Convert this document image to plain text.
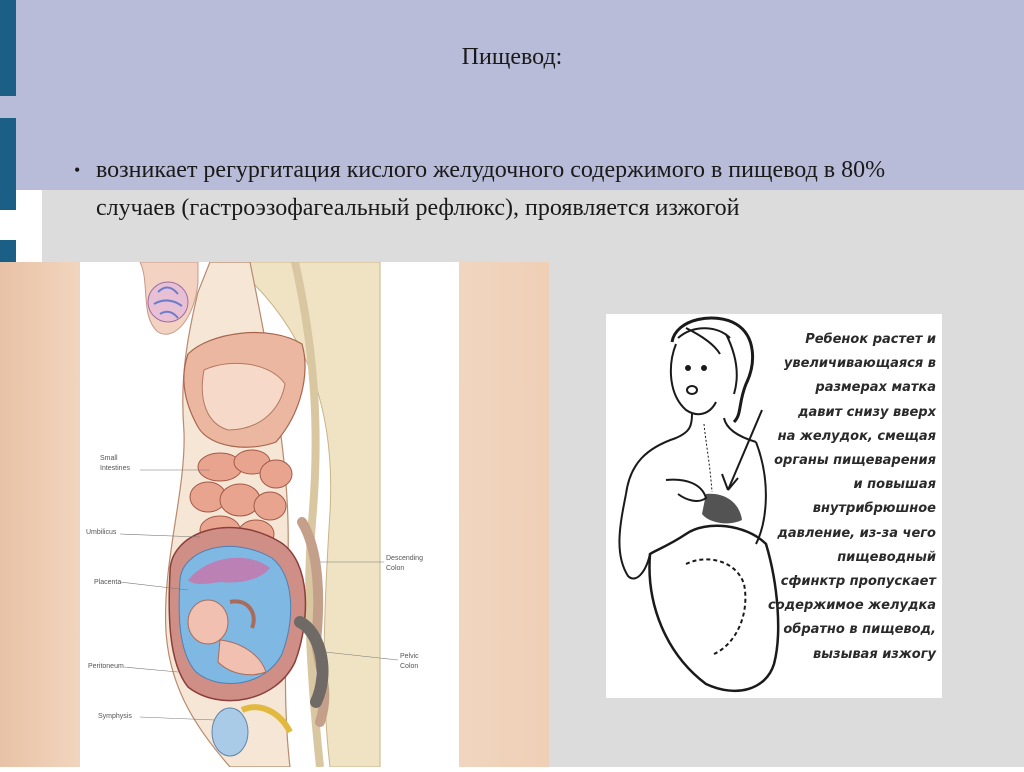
Пищевод:
• возникает регургитация кислого желудочного содержимого в пищевод в 80% случаев (гастроэзофагеальный рефлюкс), проявляется изжогой
Small
Intestines
Umbilicus
Placenta
Peritoneum
Symphysis
Descending
Colon
Pelvic
Colon
Ребенок растет и
увеличивающаяся в
размерах матка
давит снизу вверх
на желудок, смещая
органы пищеварения
и повышая
внутрибрюшное
давление, из-за чего
пищеводный
сфинктр пропускает
содержимое желудка
обратно в пищевод,
вызывая изжогу
